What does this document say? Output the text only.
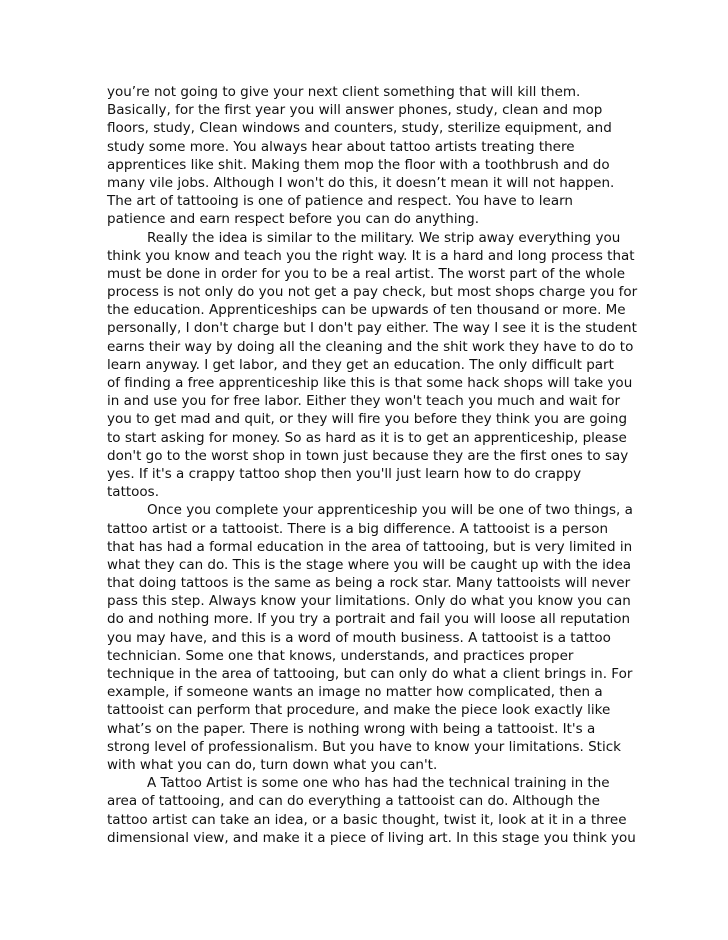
you’re not going to give your next client something that will kill them.
Basically, for the first year you will answer phones, study, clean and mop
floors, study, Clean windows and counters, study, sterilize equipment, and
study some more. You always hear about tattoo artists treating there
apprentices like shit. Making them mop the floor with a toothbrush and do
many vile jobs. Although I won't do this, it doesn’t mean it will not happen.
The art of tattooing is one of patience and respect. You have to learn
patience and earn respect before you can do anything.
Really the idea is similar to the military. We strip away everything you
think you know and teach you the right way. It is a hard and long process that
must be done in order for you to be a real artist. The worst part of the whole
process is not only do you not get a pay check, but most shops charge you for
the education. Apprenticeships can be upwards of ten thousand or more. Me
personally, I don't charge but I don't pay either. The way I see it is the student
earns their way by doing all the cleaning and the shit work they have to do to
learn anyway. I get labor, and they get an education. The only difficult part
of finding a free apprenticeship like this is that some hack shops will take you
in and use you for free labor. Either they won't teach you much and wait for
you to get mad and quit, or they will fire you before they think you are going
to start asking for money. So as hard as it is to get an apprenticeship, please
don't go to the worst shop in town just because they are the first ones to say
yes. If it's a crappy tattoo shop then you'll just learn how to do crappy
tattoos.
Once you complete your apprenticeship you will be one of two things, a
tattoo artist or a tattooist. There is a big difference. A tattooist is a person
that has had a formal education in the area of tattooing, but is very limited in
what they can do. This is the stage where you will be caught up with the idea
that doing tattoos is the same as being a rock star. Many tattooists will never
pass this step. Always know your limitations. Only do what you know you can
do and nothing more. If you try a portrait and fail you will loose all reputation
you may have, and this is a word of mouth business. A tattooist is a tattoo
technician. Some one that knows, understands, and practices proper
technique in the area of tattooing, but can only do what a client brings in. For
example, if someone wants an image no matter how complicated, then a
tattooist can perform that procedure, and make the piece look exactly like
what’s on the paper. There is nothing wrong with being a tattooist. It's a
strong level of professionalism. But you have to know your limitations. Stick
with what you can do, turn down what you can't.
A Tattoo Artist is some one who has had the technical training in the
area of tattooing, and can do everything a tattooist can do. Although the
tattoo artist can take an idea, or a basic thought, twist it, look at it in a three
dimensional view, and make it a piece of living art. In this stage you think you
